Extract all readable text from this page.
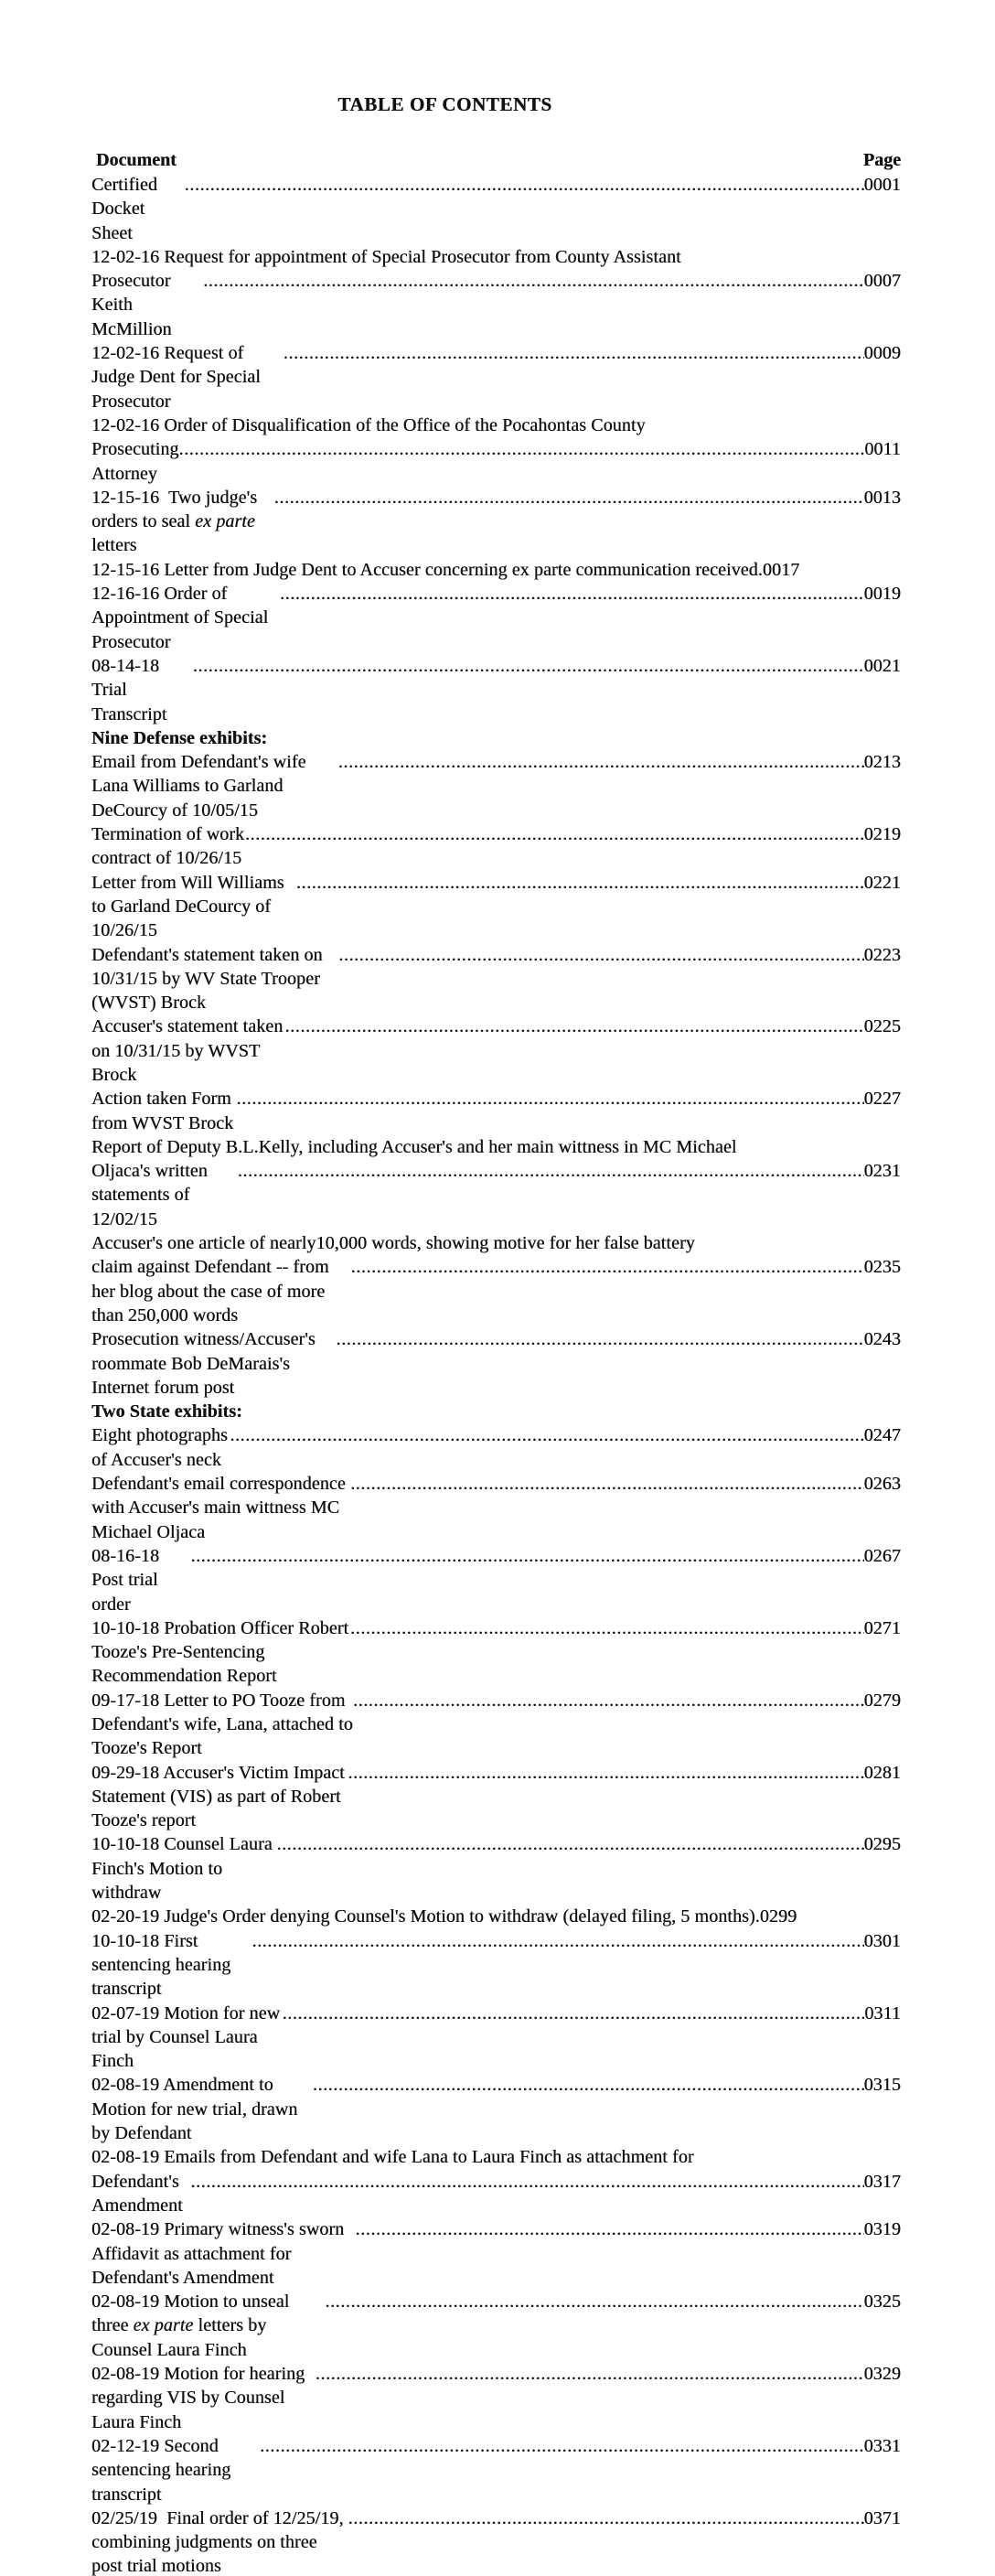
TABLE OF CONTENTS
Document	Page
Certified Docket Sheet
.....
0001
12-02-16 Request for appointment of Special Prosecutor from County Assistant
Prosecutor Keith McMillion
.....
0007
12-02-16 Request of Judge Dent for Special Prosecutor
.....
0009
12-02-16 Order of Disqualification of the Office of the Pocahontas County
Prosecuting Attorney
.....
0011
12-15-16  Two judge's orders to seal ex parte letters
.....
0013
12-15-16 Letter from Judge Dent to Accuser concerning ex parte communication received. 0017
12-16-16 Order of Appointment of Special Prosecutor
.....
0019
08-14-18 Trial Transcript
.....
0021
Nine Defense exhibits:
Email from Defendant's wife Lana Williams to Garland DeCourcy of 10/05/15
.....
0213
Termination of work contract of 10/26/15
.....
0219
Letter from Will Williams to Garland DeCourcy of 10/26/15
.....
0221
Defendant's statement taken on 10/31/15 by WV State Trooper (WVST) Brock
.....
0223
Accuser's statement taken on 10/31/15 by WVST Brock
.....
0225
Action taken Form from WVST Brock
.....
0227
Report of Deputy B.L.Kelly, including Accuser's and her main wittness in MC Michael
Oljaca's written statements of 12/02/15
.....
0231
Accuser's one article of nearly10,000 words, showing motive for her false battery
claim against Defendant -- from her blog about the case of more than 250,000 words
.....
0235
Prosecution witness/Accuser's roommate Bob DeMarais's Internet forum post
.....
0243
Two State exhibits:
Eight photographs of Accuser's neck
.....
0247
Defendant's email correspondence with Accuser's main wittness MC Michael Oljaca
.....
0263
08-16-18 Post trial order
.....
0267
10-10-18 Probation Officer Robert Tooze's Pre-Sentencing Recommendation Report
.....
0271
09-17-18 Letter to PO Tooze from Defendant's wife, Lana, attached to Tooze's Report
.....
0279
09-29-18 Accuser's Victim Impact Statement (VIS) as part of Robert Tooze's report
.....
0281
10-10-18 Counsel Laura Finch's Motion to withdraw
.....
0295
02-20-19 Judge's Order denying Counsel's Motion to withdraw (delayed filing, 5 months). 0299
10-10-18 First sentencing hearing transcript
.....
0301
02-07-19 Motion for new trial by Counsel Laura Finch
.....
0311
02-08-19 Amendment to Motion for new trial, drawn by Defendant
.....
0315
02-08-19 Emails from Defendant and wife Lana to Laura Finch as attachment for
Defendant's Amendment
.....
0317
02-08-19 Primary witness's sworn Affidavit as attachment for Defendant's Amendment
.....
0319
02-08-19 Motion to unseal three ex parte letters by Counsel Laura Finch
.....
0325
02-08-19 Motion for hearing regarding VIS by Counsel Laura Finch
.....
0329
02-12-19 Second sentencing hearing transcript
.....
0331
02/25/19  Final order of 12/25/19, combining judgments on three post trial motions
.....
0371
